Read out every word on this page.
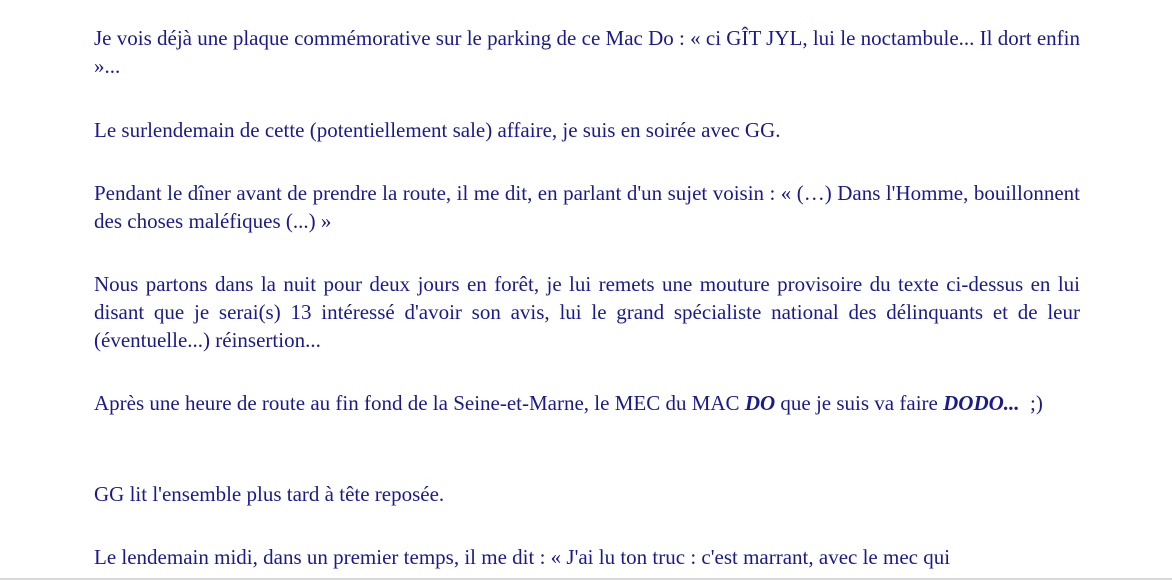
Je vois déjà une plaque commémorative sur le parking de ce Mac Do : « ci GÎT JYL, lui le noctambule... Il dort enfin »...

Le surlendemain de cette (potentiellement sale) affaire, je suis en soirée avec GG.

Pendant le dîner avant de prendre la route, il me dit, en parlant d'un sujet voisin : « (…) Dans l'Homme, bouillonnent des choses maléfiques (...) »

Nous partons dans la nuit pour deux jours en forêt, je lui remets une mouture provisoire du texte ci-dessus en lui disant que je serai(s) 13 intéressé d'avoir son avis, lui le grand spécialiste national des délinquants et de leur (éventuelle...) réinsertion...

Après une heure de route au fin fond de la Seine-et-Marne, le MEC du MAC DO que je suis va faire DODO...  ;)

GG lit l'ensemble plus tard à tête reposée.

Le lendemain midi, dans un premier temps, il me dit : « J'ai lu ton truc : c'est marrant, avec le mec qui
